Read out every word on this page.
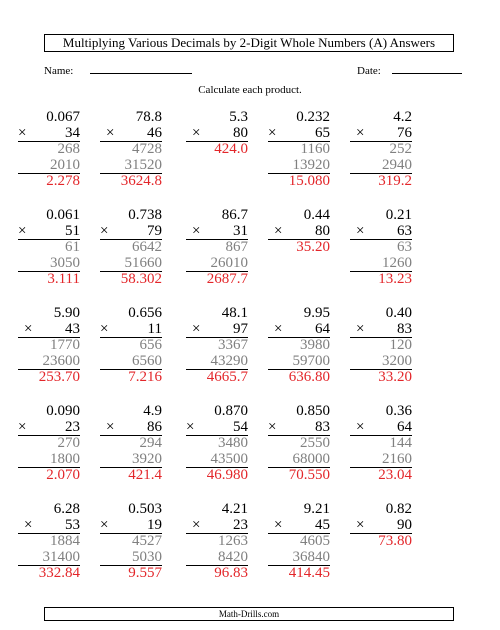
Multiplying Various Decimals by 2-Digit Whole Numbers (A) Answers
Name:	Date:
Calculate each product.
0.067
×	34
268
2010
2.278
78.8
× 46
4728
31520
3624.8
5.3
× 80
424.0
0.232
×	65
1160
13920
15.080
4.2
× 76
252
2940
319.2
0.061
×	51
61
3050
3.111
0.738
×	79
6642
51660
58.302
86.7
× 31
867
26010
2687.7
0.44
× 80
35.20
0.21
× 63
63
1260
13.23
5.90
× 43
1770
23600
253.70
0.656
×	11
656
6560
7.216
48.1
× 97
3367
43290
4665.7
9.95
× 64
3980
59700
636.80
0.40
× 83
120
3200
33.20
0.090
×	23
270
1800
2.070
4.9
× 86
294
3920
421.4
0.870
×	54
3480
43500
46.980
0.850
×	83
2550
68000
70.550
0.36
× 64
144
2160
23.04
6.28
× 53
1884
31400
332.84
0.503
×	19
4527
5030
9.557
4.21
× 23
1263
8420
96.83
9.21
× 45
4605
36840
414.45
0.82
× 90
73.80
Math-Drills.com
